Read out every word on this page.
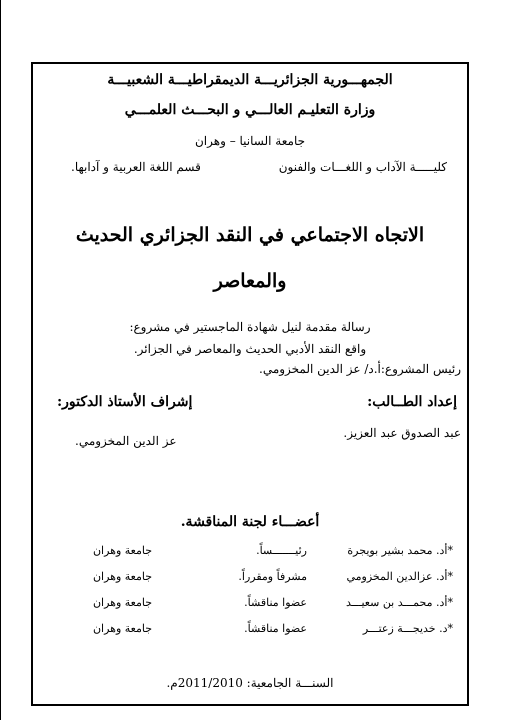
الجمهـــورية الجزائريـــة الديمقراطيـــة الشعبيـــة
وزارة التعليـم العالـــي و البحـــث العلمـــي
جامعة السانيا – وهران
كليـــــة الآداب و اللغـــات والفنون
قسم اللغة العربية و آدابها.
الاتجاه الاجتماعي في النقد الجزائري الحديث
والمعاصر
رسالة مقدمة لنيل شهادة الماجستير في مشروع:
واقع النقد الأدبي الحديث والمعاصر في الجزائر.
رئيس المشروع:أ.د/ عز الدين المخزومي.
إعداد الطــالب:
إشراف الأستاذ الدكتور:
عبد الصدوق عبد العزيز.
عز الدين المخزومي.
أعضـــاء لجنة المناقشة.
*أد. محمد بشير بويجرة
رئيـــــــساً.
جامعة وهران
*أد. عزالدين المخزومي
مشرفاً ومقرراً.
جامعة وهران
*أد. محمـــد بن سعيـــد
عضوا مناقشاً.
جامعة وهران
*د. خديجـــة زعتـــر
عضوا مناقشاً.
جامعة وهران
السنـــة الجامعية: 2011/2010م.
